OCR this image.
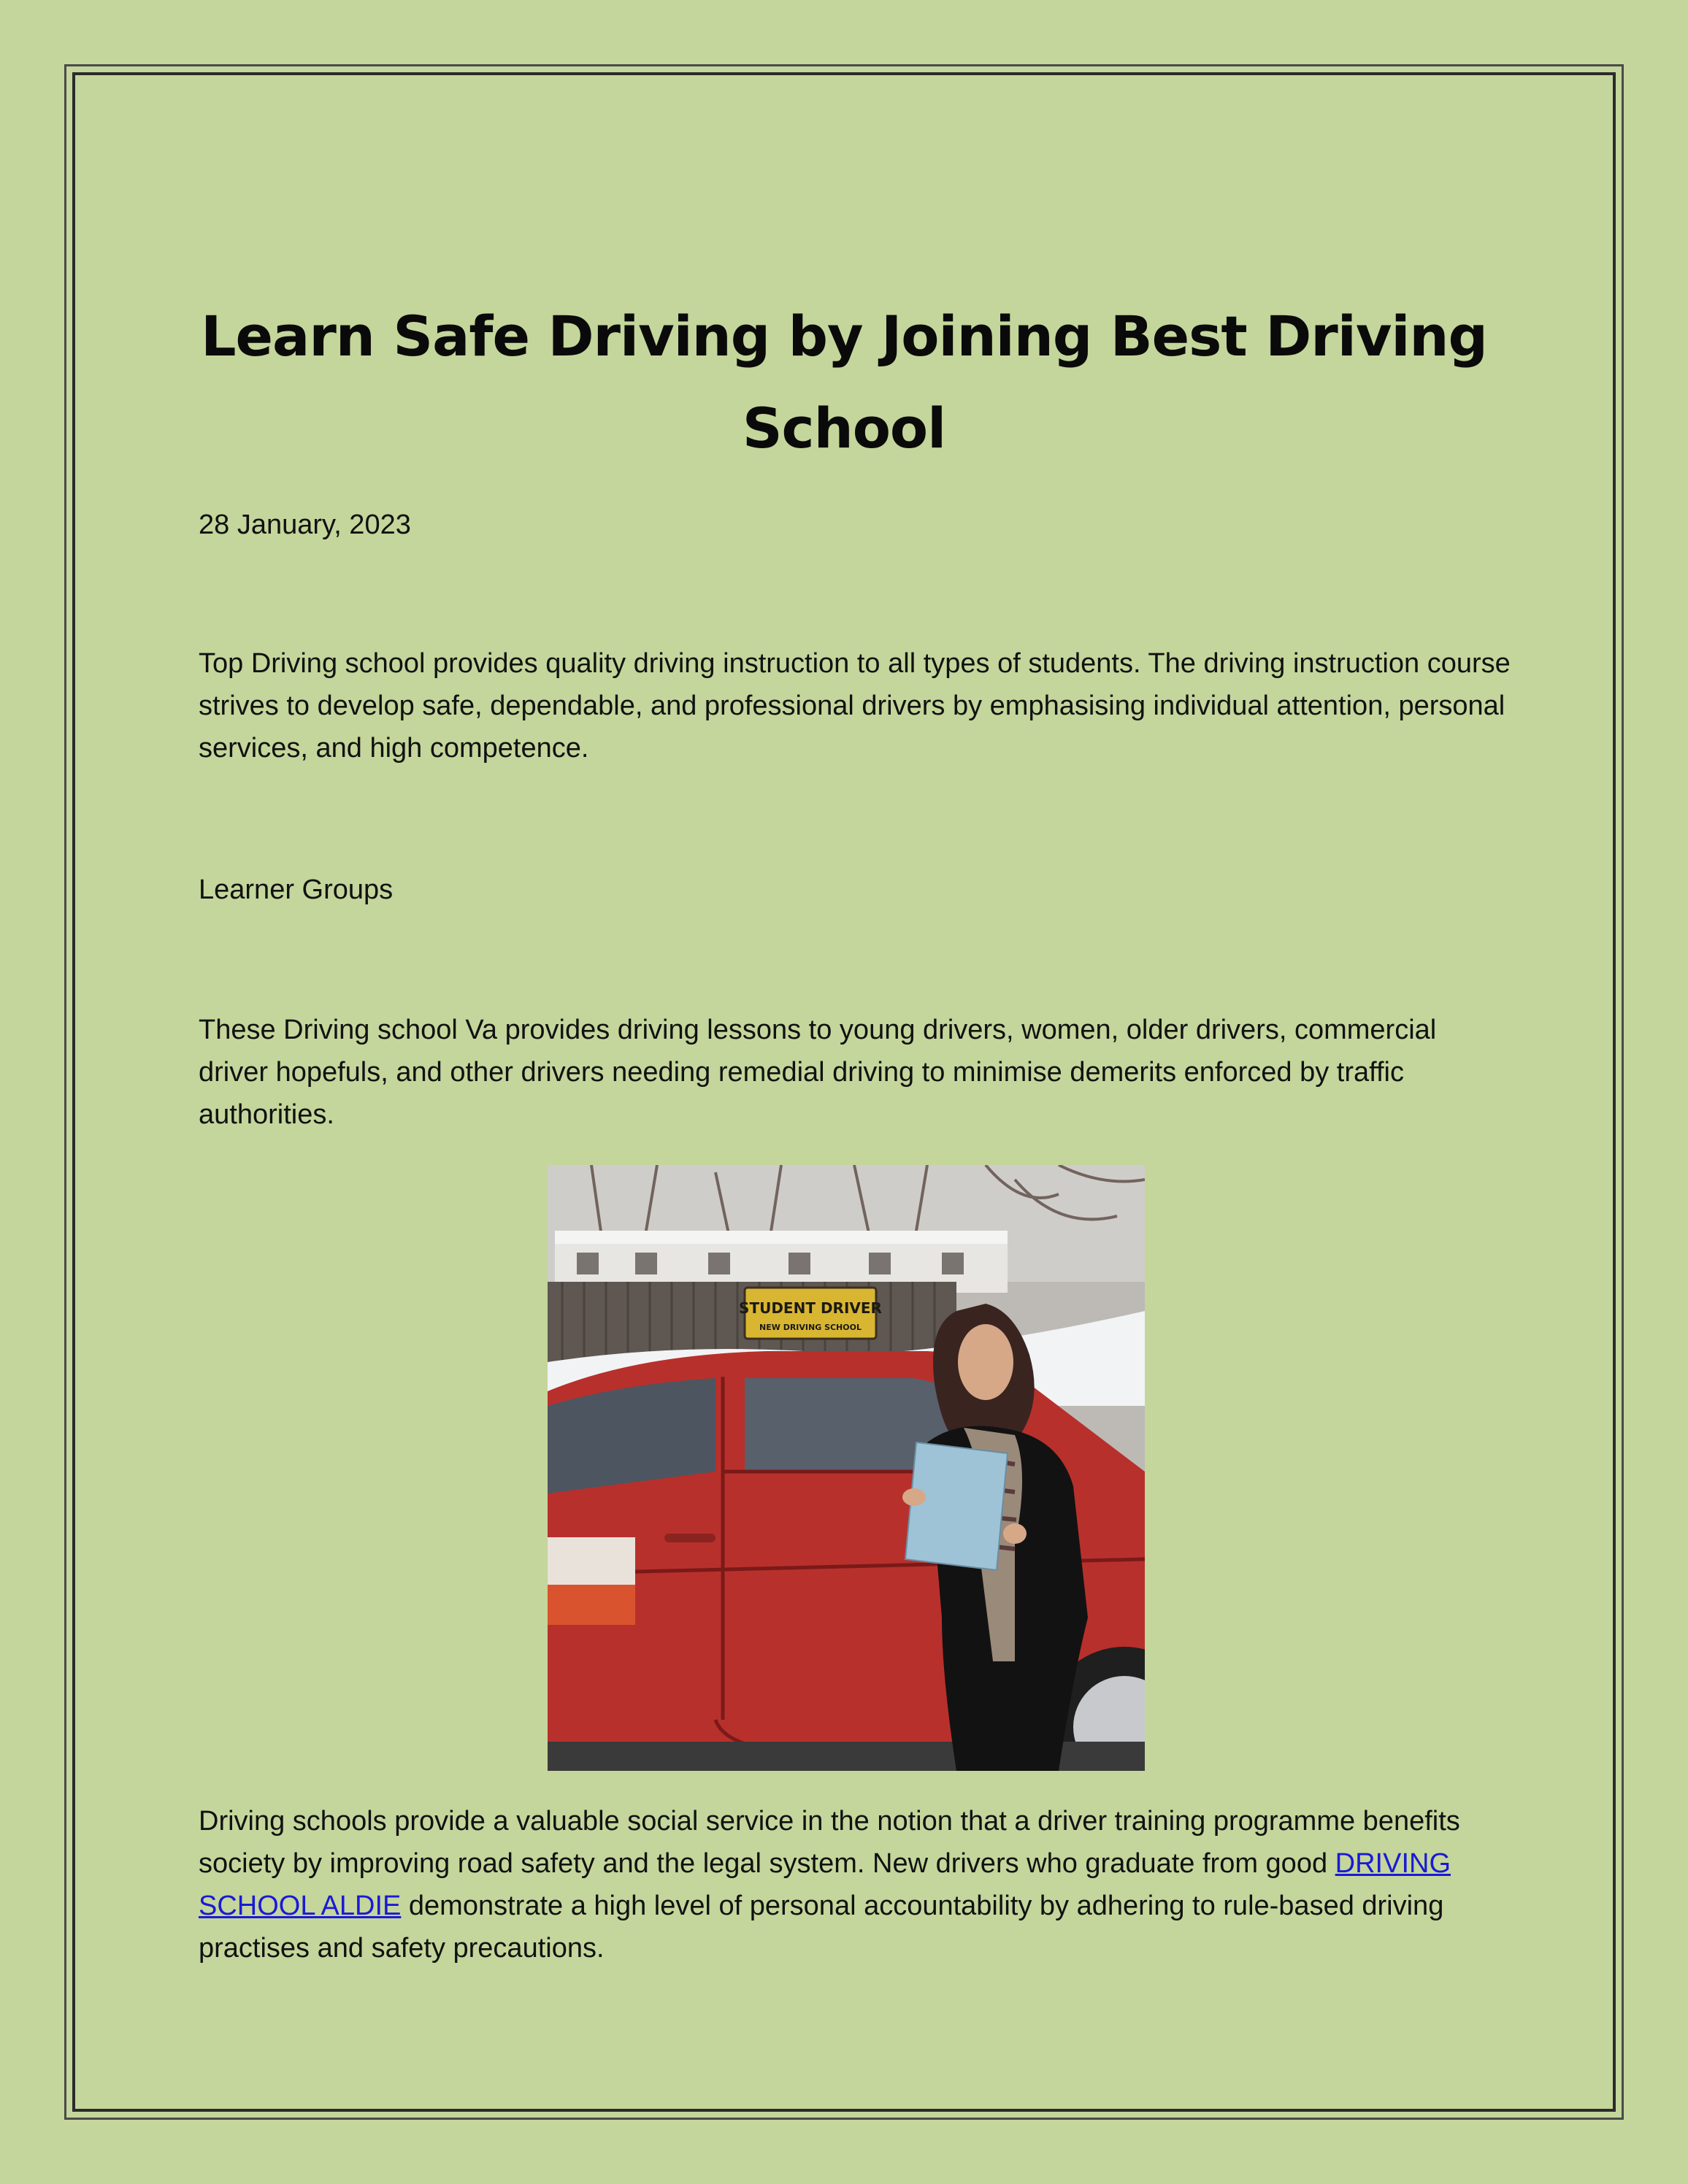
Learn Safe Driving by Joining Best Driving School

28 January, 2023

Top Driving school provides quality driving instruction to all types of students. The driving instruction course strives to develop safe, dependable, and professional drivers by emphasising individual attention, personal services, and high competence.

Learner Groups

These Driving school Va provides driving lessons to young drivers, women, older drivers, commercial driver hopefuls, and other drivers needing remedial driving to minimise demerits enforced by traffic authorities.

STUDENT DRIVER
NEW DRIVING SCHOOL

Driving schools provide a valuable social service in the notion that a driver training programme benefits society by improving road safety and the legal system. New drivers who graduate from good DRIVING SCHOOL ALDIE demonstrate a high level of personal accountability by adhering to rule-based driving practises and safety precautions.
